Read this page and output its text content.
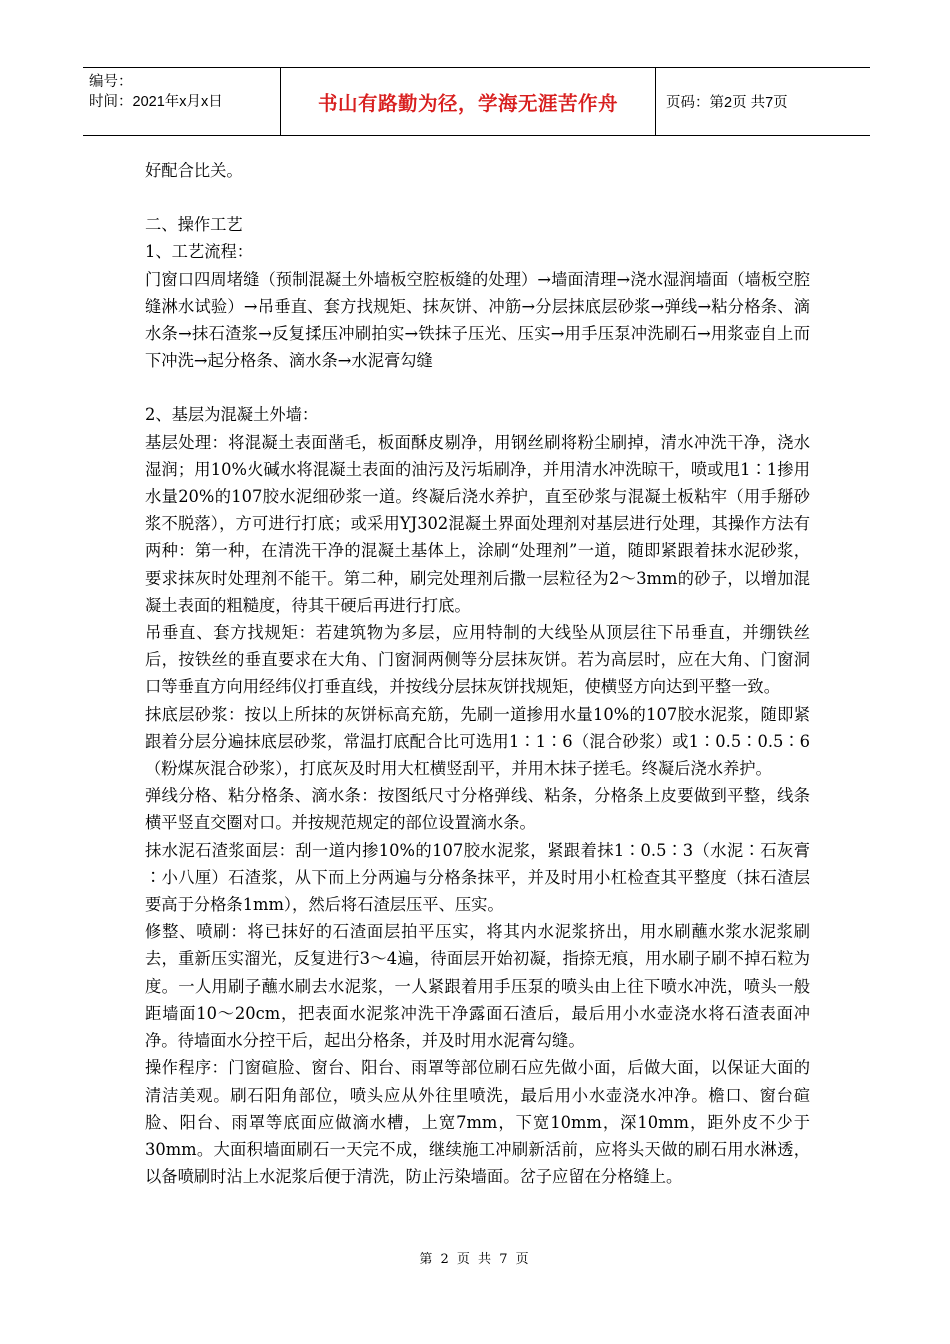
编号：
时间：2021年x月x日	书山有路勤为径，学海无涯苦作舟	页码：第2页 共7页

好配合比关。

二、操作工艺

1、工艺流程：

门窗口四周堵缝（预制混凝土外墙板空腔板缝的处理）→墙面清理→浇水湿润墙面（墙板空腔缝淋水试验）→吊垂直、套方找规矩、抹灰饼、冲筋→分层抹底层砂浆→弹线→粘分格条、滴水条→抹石渣浆→反复揉压冲刷拍实→铁抹子压光、压实→用手压泵冲洗刷石→用浆壶自上而下冲洗→起分格条、滴水条→水泥膏勾缝

2、基层为混凝土外墙：

基层处理：将混凝土表面凿毛，板面酥皮剔净，用钢丝刷将粉尘刷掉，清水冲洗干净，浇水湿润；用10%火碱水将混凝土表面的油污及污垢刷净，并用清水冲洗晾干，喷或甩1∶1掺用水量20%的107胶水泥细砂浆一道。终凝后浇水养护，直至砂浆与混凝土板粘牢（用手掰砂浆不脱落），方可进行打底；或采用YJ302混凝土界面处理剂对基层进行处理，其操作方法有两种：第一种，在清洗干净的混凝土基体上，涂刷“处理剂”一道，随即紧跟着抹水泥砂浆，要求抹灰时处理剂不能干。第二种，刷完处理剂后撒一层粒径为2～3mm的砂子，以增加混凝土表面的粗糙度，待其干硬后再进行打底。

吊垂直、套方找规矩：若建筑物为多层，应用特制的大线坠从顶层往下吊垂直，并绷铁丝后，按铁丝的垂直要求在大角、门窗洞两侧等分层抹灰饼。若为高层时，应在大角、门窗洞口等垂直方向用经纬仪打垂直线，并按线分层抹灰饼找规矩，使横竖方向达到平整一致。

抹底层砂浆：按以上所抹的灰饼标高充筋，先刷一道掺用水量10%的107胶水泥浆，随即紧跟着分层分遍抹底层砂浆，常温打底配合比可选用1∶1∶6（混合砂浆）或1∶0.5∶0.5∶6（粉煤灰混合砂浆），打底灰及时用大杠横竖刮平，并用木抹子搓毛。终凝后浇水养护。

弹线分格、粘分格条、滴水条：按图纸尺寸分格弹线、粘条，分格条上皮要做到平整，线条横平竖直交圈对口。并按规范规定的部位设置滴水条。

抹水泥石渣浆面层：刮一道内掺10%的107胶水泥浆，紧跟着抹1∶0.5∶3（水泥∶石灰膏∶小八厘）石渣浆，从下而上分两遍与分格条抹平，并及时用小杠检查其平整度（抹石渣层要高于分格条1mm），然后将石渣层压平、压实。

修整、喷刷：将已抹好的石渣面层拍平压实，将其内水泥浆挤出，用水刷蘸水浆水泥浆刷去，重新压实溜光，反复进行3～4遍，待面层开始初凝，指捺无痕，用水刷子刷不掉石粒为度。一人用刷子蘸水刷去水泥浆，一人紧跟着用手压泵的喷头由上往下喷水冲洗，喷头一般距墙面10～20cm，把表面水泥浆冲洗干净露面石渣后，最后用小水壶浇水将石渣表面冲净。待墙面水分控干后，起出分格条，并及时用水泥膏勾缝。

操作程序：门窗碹脸、窗台、阳台、雨罩等部位刷石应先做小面，后做大面，以保证大面的清洁美观。刷石阳角部位，喷头应从外往里喷洗，最后用小水壶浇水冲净。檐口、窗台碹脸、阳台、雨罩等底面应做滴水槽，上宽7mm，下宽10mm，深10mm，距外皮不少于30mm。大面积墙面刷石一天完不成，继续施工冲刷新活前，应将头天做的刷石用水淋透，以备喷刷时沾上水泥浆后便于清洗，防止污染墙面。岔子应留在分格缝上。

第 2 页 共 7 页
